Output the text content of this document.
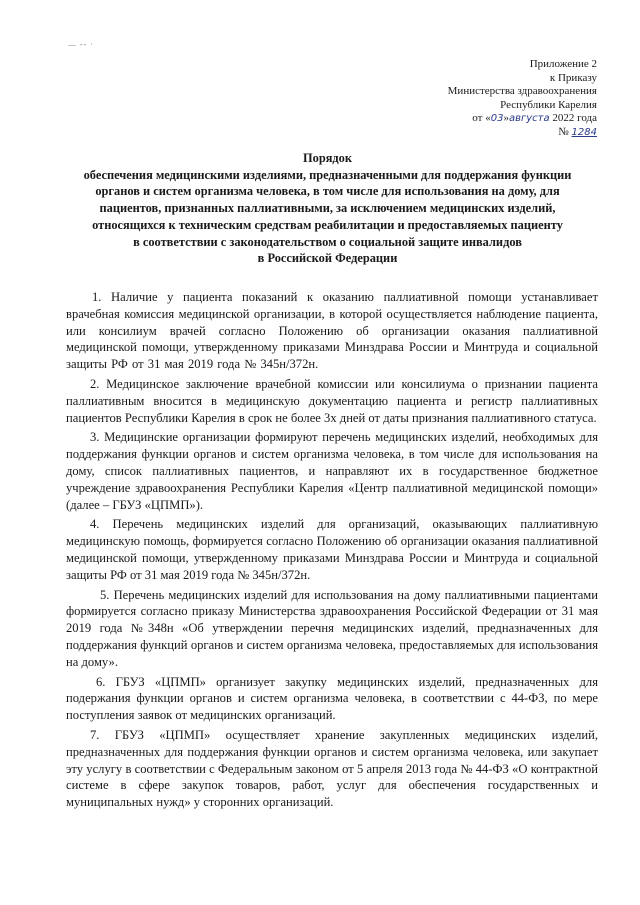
— -- ·
Приложение 2
к Приказу
Министерства здравоохранения
Республики Карелия
от «03»августа 2022 года
№ 1284
Порядок
обеспечения медицинскими изделиями, предназначенными для поддержания функции
органов и систем организма человека, в том числе для использования на дому, для
пациентов, признанных паллиативными, за исключением медицинских изделий,
относящихся к техническим средствам реабилитации и предоставляемых пациенту
в соответствии с законодательством о социальной защите инвалидов
в Российской Федерации

1. Наличие у пациента показаний к оказанию паллиативной помощи устанавливает врачебная комиссия медицинской организации, в которой осуществляется наблюдение пациента, или консилиум врачей согласно Положению об организации оказания паллиативной медицинской помощи, утвержденному приказами Минздрава России и Минтруда и социальной защиты РФ от 31 мая 2019 года № 345н/372н.

2. Медицинское заключение врачебной комиссии или консилиума о признании пациента паллиативным вносится в медицинскую документацию пациента и регистр паллиативных пациентов Республики Карелия в срок не более 3х дней от даты признания паллиативного статуса.

3. Медицинские организации формируют перечень медицинских изделий, необходимых для поддержания функции органов и систем организма человека, в том числе для использования на дому, список паллиативных пациентов, и направляют их в государственное бюджетное учреждение здравоохранения Республики Карелия «Центр паллиативной медицинской помощи» (далее – ГБУЗ «ЦПМП»).

4. Перечень медицинских изделий для организаций, оказывающих паллиативную медицинскую помощь, формируется согласно Положению об организации оказания паллиативной медицинской помощи, утвержденному приказами Минздрава России и Минтруда и социальной защиты РФ от 31 мая 2019 года № 345н/372н.

5. Перечень медицинских изделий для использования на дому паллиативными пациентами формируется согласно приказу Министерства здравоохранения Российской Федерации от 31 мая 2019 года №348н «Об утверждении перечня медицинских изделий, предназначенных для поддержания функций органов и систем организма человека, предоставляемых для использования на дому».

6. ГБУЗ «ЦПМП» организует закупку медицинских изделий, предназначенных для подержания функции органов и систем организма человека, в соответствии с 44-ФЗ, по мере поступления заявок от медицинских организаций.

7. ГБУЗ «ЦПМП» осуществляет хранение закупленных медицинских изделий, предназначенных для поддержания функции органов и систем организма человека, или закупает эту услугу в соответствии с Федеральным законом от 5 апреля 2013 года № 44-ФЗ «О контрактной системе в сфере закупок товаров, работ, услуг для обеспечения государственных и муниципальных нужд» у сторонних организаций.
